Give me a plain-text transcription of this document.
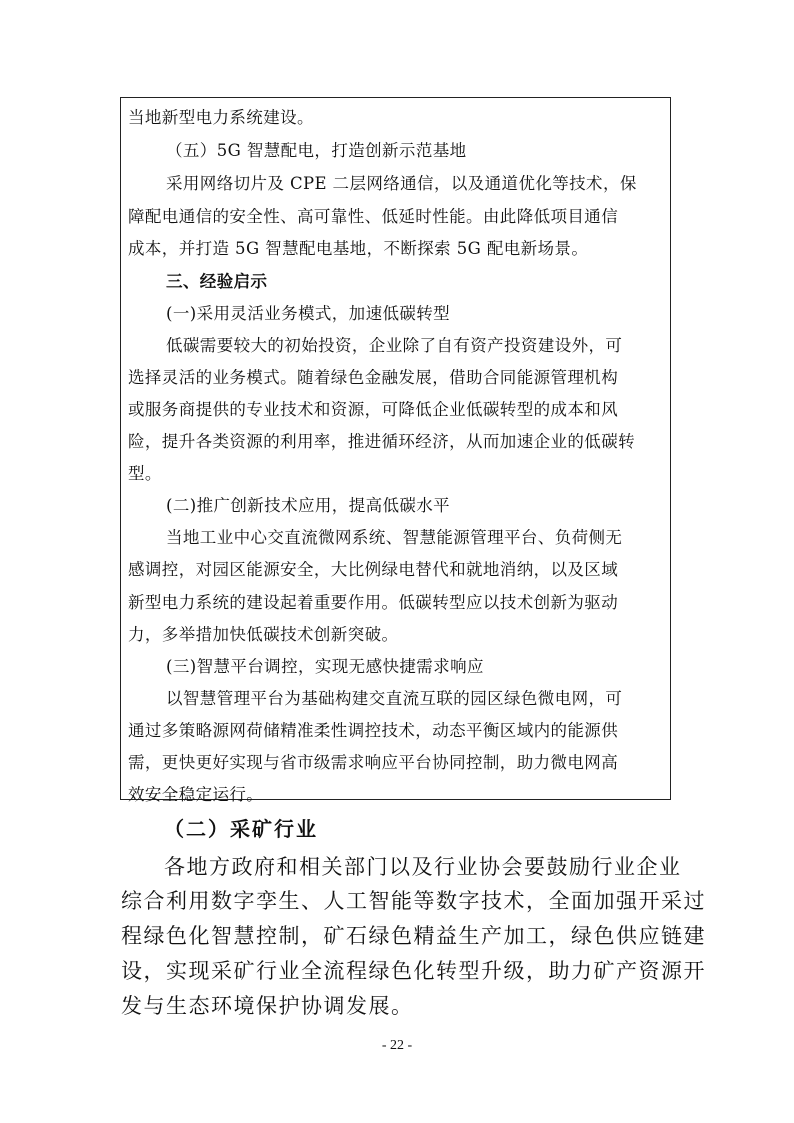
当地新型电力系统建设。
（五）5G 智慧配电，打造创新示范基地
采用网络切片及 CPE 二层网络通信，以及通道优化等技术，保
障配电通信的安全性、高可靠性、低延时性能。由此降低项目通信
成本，并打造 5G 智慧配电基地，不断探索 5G 配电新场景。
三、经验启示
(一)采用灵活业务模式，加速低碳转型
低碳需要较大的初始投资，企业除了自有资产投资建设外，可
选择灵活的业务模式。随着绿色金融发展，借助合同能源管理机构
或服务商提供的专业技术和资源，可降低企业低碳转型的成本和风
险，提升各类资源的利用率，推进循环经济，从而加速企业的低碳转
型。
(二)推广创新技术应用，提高低碳水平
当地工业中心交直流微网系统、智慧能源管理平台、负荷侧无
感调控，对园区能源安全，大比例绿电替代和就地消纳，以及区域
新型电力系统的建设起着重要作用。低碳转型应以技术创新为驱动
力，多举措加快低碳技术创新突破。
(三)智慧平台调控，实现无感快捷需求响应
以智慧管理平台为基础构建交直流互联的园区绿色微电网，可
通过多策略源网荷储精准柔性调控技术，动态平衡区域内的能源供
需，更快更好实现与省市级需求响应平台协同控制，助力微电网高
效安全稳定运行。
（二）采矿行业
各地方政府和相关部门以及行业协会要鼓励行业企业
综合利用数字孪生、人工智能等数字技术，全面加强开采过
程绿色化智慧控制，矿石绿色精益生产加工，绿色供应链建
设，实现采矿行业全流程绿色化转型升级，助力矿产资源开
发与生态环境保护协调发展。
- 22 -
